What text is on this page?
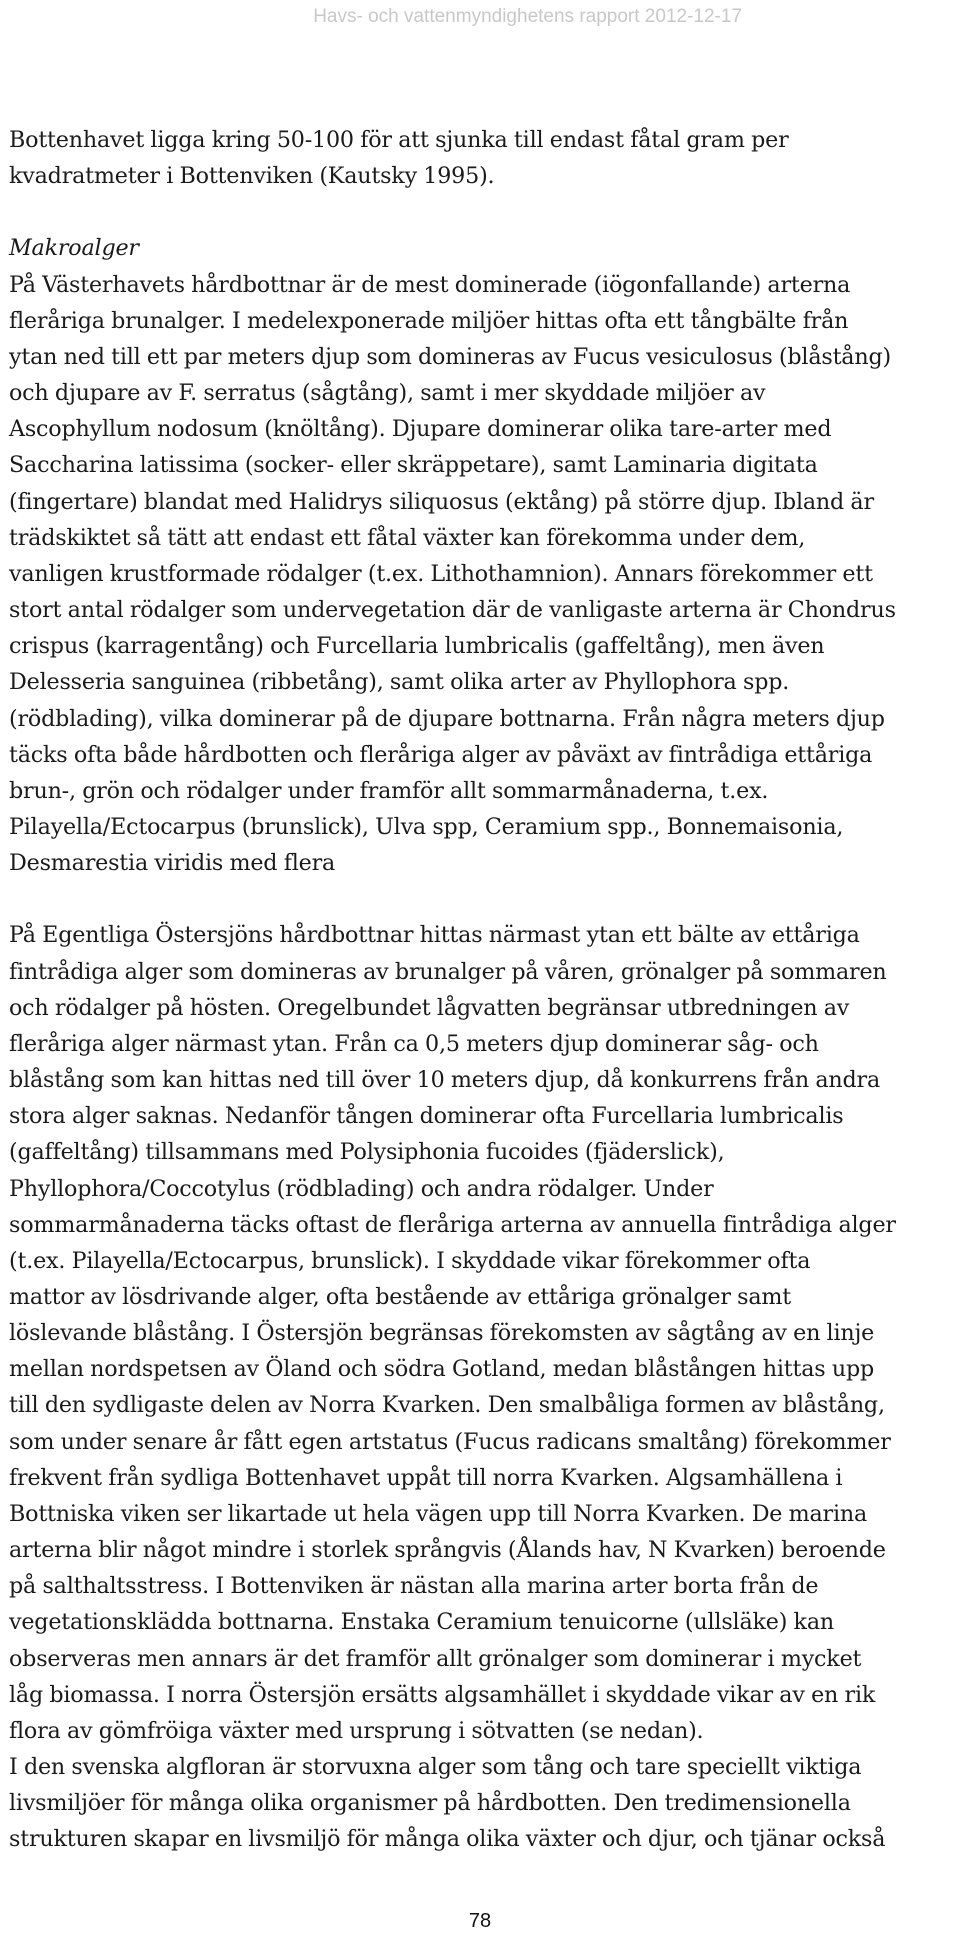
Havs- och vattenmyndighetens rapport 2012-12-17

Bottenhavet ligga kring 50-100 för att sjunka till endast fåtal gram per

kvadratmeter i Bottenviken (Kautsky 1995).

Makroalger

På Västerhavets hårdbottnar är de mest dominerade (iögonfallande) arterna

fleråriga brunalger. I medelexponerade miljöer hittas ofta ett tångbälte från

ytan ned till ett par meters djup som domineras av Fucus vesiculosus (blåstång)

och djupare av F. serratus (sågtång), samt i mer skyddade miljöer av

Ascophyllum nodosum (knöltång). Djupare dominerar olika tare-arter med

Saccharina latissima (socker- eller skräppetare), samt Laminaria digitata

(fingertare) blandat med Halidrys siliquosus (ektång) på större djup. Ibland är

trädskiktet så tätt att endast ett fåtal växter kan förekomma under dem,

vanligen krustformade rödalger (t.ex. Lithothamnion). Annars förekommer ett

stort antal rödalger som undervegetation där de vanligaste arterna är Chondrus

crispus (karragentång) och Furcellaria lumbricalis (gaffeltång), men även

Delesseria sanguinea (ribbetång), samt olika arter av Phyllophora spp.

(rödblading), vilka dominerar på de djupare bottnarna. Från några meters djup

täcks ofta både hårdbotten och fleråriga alger av påväxt av fintrådiga ettåriga

brun-, grön och rödalger under framför allt sommarmånaderna, t.ex.

Pilayella/Ectocarpus (brunslick), Ulva spp, Ceramium spp., Bonnemaisonia,

Desmarestia viridis med flera

På Egentliga Östersjöns hårdbottnar hittas närmast ytan ett bälte av ettåriga

fintrådiga alger som domineras av brunalger på våren, grönalger på sommaren

och rödalger på hösten. Oregelbundet lågvatten begränsar utbredningen av

fleråriga alger närmast ytan. Från ca 0,5 meters djup dominerar såg- och

blåstång som kan hittas ned till över 10 meters djup, då konkurrens från andra

stora alger saknas. Nedanför tången dominerar ofta Furcellaria lumbricalis

(gaffeltång) tillsammans med Polysiphonia fucoides (fjäderslick),

Phyllophora/Coccotylus (rödblading) och andra rödalger. Under

sommarmånaderna täcks oftast de fleråriga arterna av annuella fintrådiga alger

(t.ex. Pilayella/Ectocarpus, brunslick). I skyddade vikar förekommer ofta

mattor av lösdrivande alger, ofta bestående av ettåriga grönalger samt

löslevande blåstång. I Östersjön begränsas förekomsten av sågtång av en linje

mellan nordspetsen av Öland och södra Gotland, medan blåstången hittas upp

till den sydligaste delen av Norra Kvarken. Den smalbåliga formen av blåstång,

som under senare år fått egen artstatus (Fucus radicans smaltång) förekommer

frekvent från sydliga Bottenhavet uppåt till norra Kvarken. Algsamhällena i

Bottniska viken ser likartade ut hela vägen upp till Norra Kvarken. De marina

arterna blir något mindre i storlek språngvis (Ålands hav, N Kvarken) beroende

på salthaltsstress. I Bottenviken är nästan alla marina arter borta från de

vegetationsklädda bottnarna. Enstaka Ceramium tenuicorne (ullsläke) kan

observeras men annars är det framför allt grönalger som dominerar i mycket

låg biomassa. I norra Östersjön ersätts algsamhället i skyddade vikar av en rik

flora av gömfröiga växter med ursprung i sötvatten (se nedan).

I den svenska algfloran är storvuxna alger som tång och tare speciellt viktiga

livsmiljöer för många olika organismer på hårdbotten. Den tredimensionella

strukturen skapar en livsmiljö för många olika växter och djur, och tjänar också

78
